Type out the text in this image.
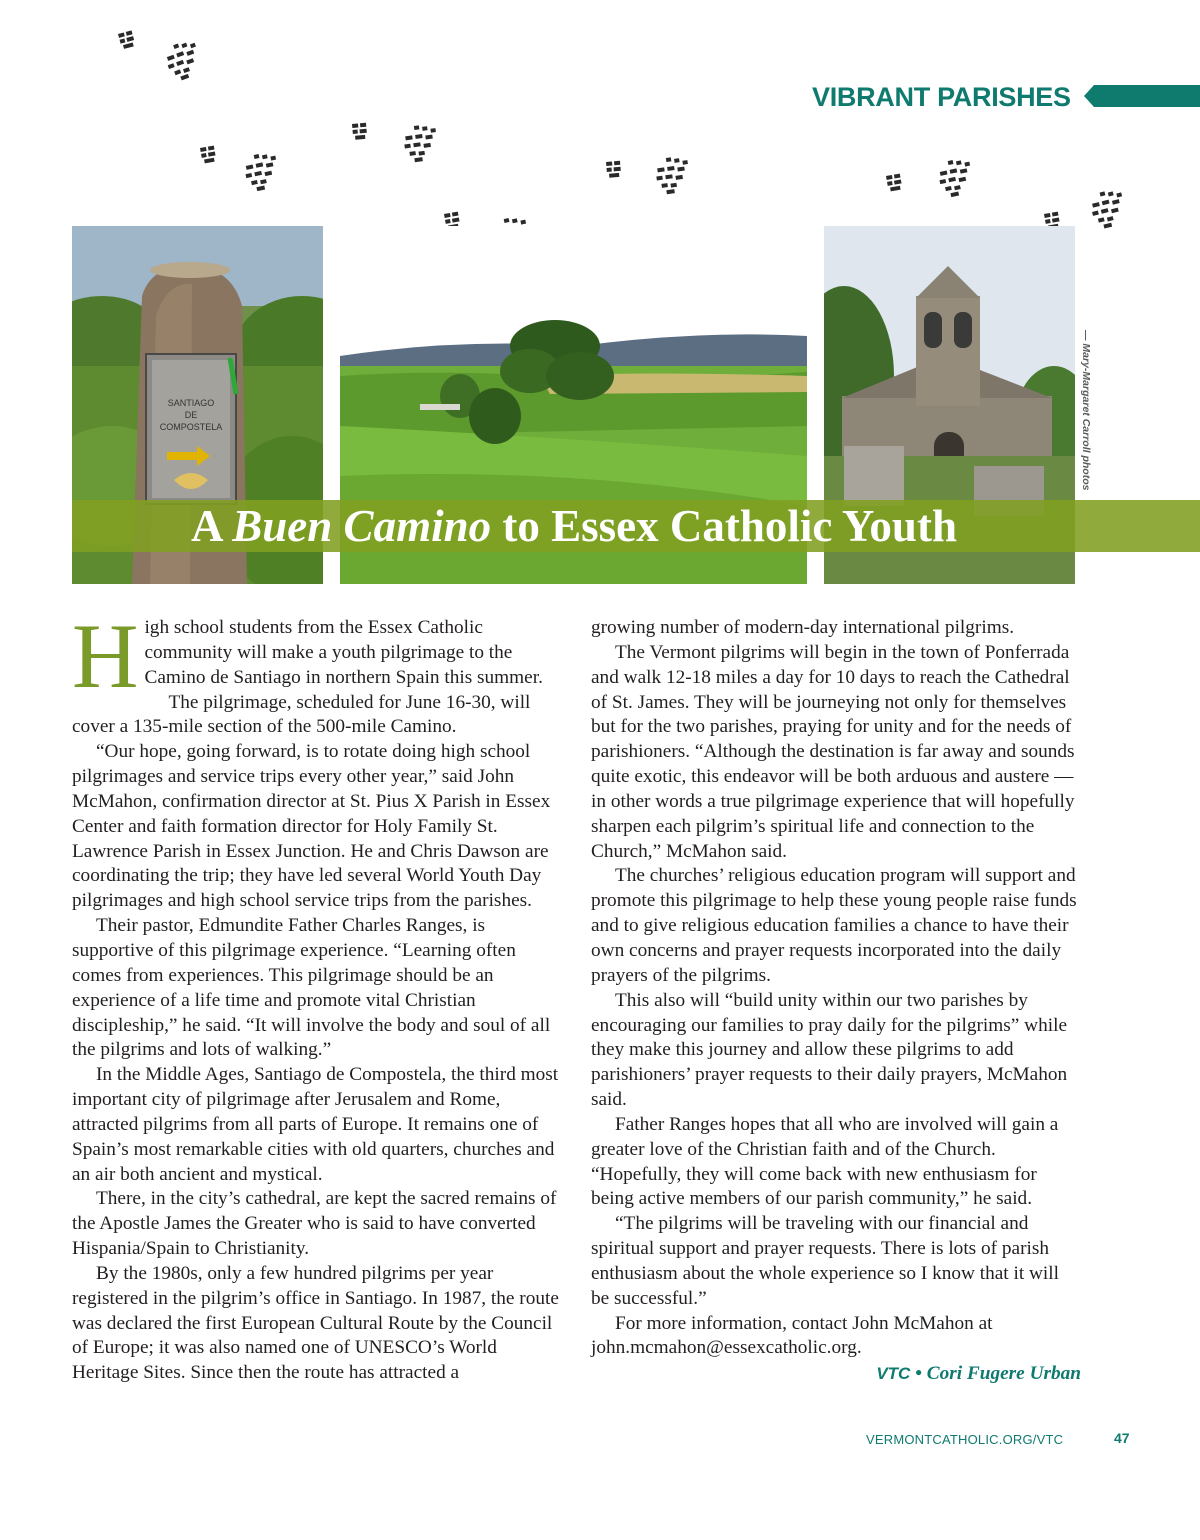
VIBRANT PARISHES
SANTIAGO
DE
COMPOSTELA	— Mary-Margaret Carroll photos
A Buen Camino to Essex Catholic Youth

High school students from the Essex Catholic community will make a youth pilgrimage to the Camino de Santiago in northern Spain this summer.

The pilgrimage, scheduled for June 16-30, will cover a 135-mile section of the 500-mile Camino.

“Our hope, going forward, is to rotate doing high school pilgrimages and service trips every other year,” said John McMahon, confirmation director at St. Pius X Parish in Essex Center and faith formation director for Holy Family St. Lawrence Parish in Essex Junction. He and Chris Dawson are coordinating the trip; they have led several World Youth Day pilgrimages and high school service trips from the parishes.

Their pastor, Edmundite Father Charles Ranges, is supportive of this pilgrimage experience. “Learning often comes from experiences. This pilgrimage should be an experience of a life time and promote vital Christian discipleship,” he said. “It will involve the body and soul of all the pilgrims and lots of walking.”

In the Middle Ages, Santiago de Compostela, the third most important city of pilgrimage after Jerusalem and Rome, attracted pilgrims from all parts of Europe. It remains one of Spain’s most remarkable cities with old quarters, churches and an air both ancient and mystical.

There, in the city’s cathedral, are kept the sacred remains of the Apostle James the Greater who is said to have converted Hispania/Spain to Christianity.

By the 1980s, only a few hundred pilgrims per year registered in the pilgrim’s office in Santiago. In 1987, the route was declared the first European Cultural Route by the Council of Europe; it was also named one of UNESCO’s World Heritage Sites. Since then the route has attracted a

growing number of modern-day international pilgrims.

The Vermont pilgrims will begin in the town of Ponferrada and walk 12-18 miles a day for 10 days to reach the Cathedral of St. James. They will be journeying not only for themselves but for the two parishes, praying for unity and for the needs of parishioners. “Although the destination is far away and sounds quite exotic, this endeavor will be both arduous and austere — in other words a true pilgrimage experience that will hopefully sharpen each pilgrim’s spiritual life and connection to the Church,” McMahon said.

The churches’ religious education program will support and promote this pilgrimage to help these young people raise funds and to give religious education families a chance to have their own concerns and prayer requests incorporated into the daily prayers of the pilgrims.

This also will “build unity within our two parishes by encouraging our families to pray daily for the pilgrims” while they make this journey and allow these pilgrims to add parishioners’ prayer requests to their daily prayers, McMahon said.

Father Ranges hopes that all who are involved will gain a greater love of the Christian faith and of the Church. “Hopefully, they will come back with new enthusiasm for being active members of our parish community,” he said.

“The pilgrims will be traveling with our financial and spiritual support and prayer requests. There is lots of parish enthusiasm about the whole experience so I know that it will be successful.”

For more information, contact John McMahon at john.mcmahon@essexcatholic.org.

VTC • Cori Fugere Urban

VERMONTCATHOLIC.ORG/VTC	47
